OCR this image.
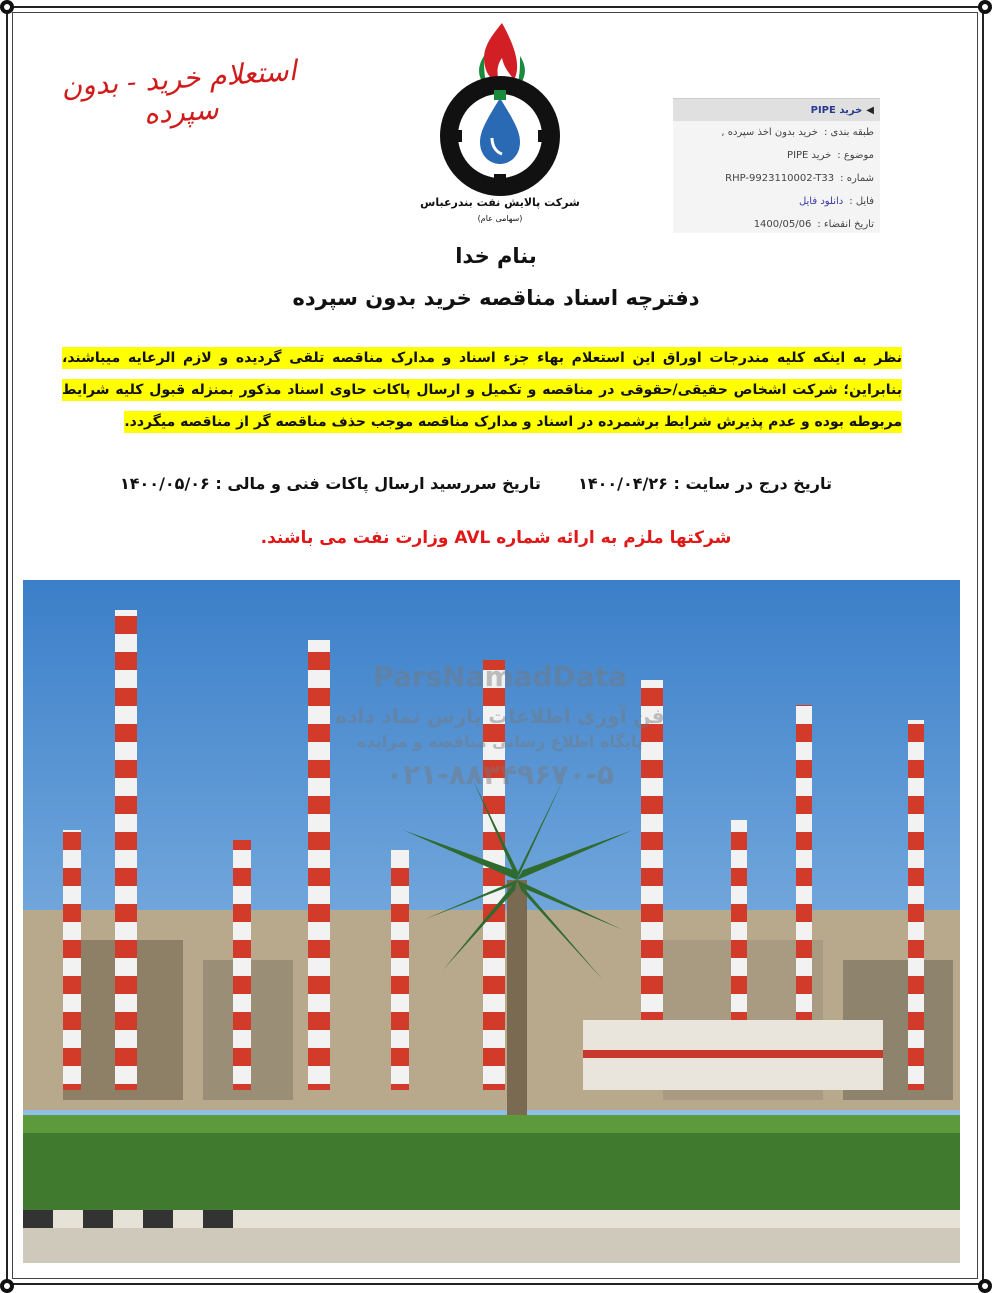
استعلام خرید - بدون سپرده
B.O.R.C
شرکت پالایش نفت بندرعباس
(سهامی عام)
◀
خرید PIPE
طبقه بندی :
خرید بدون اخذ سپرده ,
موضوع :
خرید PIPE
شماره :
RHP-9923110002-T33
فایل :
دانلود فایل
تاریخ انقضاء :
1400/05/06
بنام خدا
دفترچه اسناد مناقصه خرید بدون سپرده
نظر به اینکه کلیه مندرجات اوراق این استعلام بهاء جزء اسناد و مدارک مناقصه تلقی گردیده و لازم الرعایه میباشند، بنابراین؛ شرکت اشخاص حقیقی/حقوقی در مناقصه و تکمیل و ارسال پاکات حاوی اسناد مذکور بمنزله قبول کلیه شرایط مربوطه بوده و عدم پذیرش شرایط برشمرده در اسناد و مدارک مناقصه موجب حذف مناقصه گر از مناقصه میگردد.
تاریخ درج در سایت : ۱۴۰۰/۰۴/۲۶
تاریخ سررسید ارسال پاکات فنی و مالی : ۱۴۰۰/۰۵/۰۶
شرکتها ملزم به ارائه شماره AVL وزارت نفت می باشند.
ParsNamadData
فن آوری اطلاعات پارس نماد داده
پایگاه اطلاع رسانی مناقصه و مزایده
۰۲۱-۸۸۳۴۹۶۷۰-۵
